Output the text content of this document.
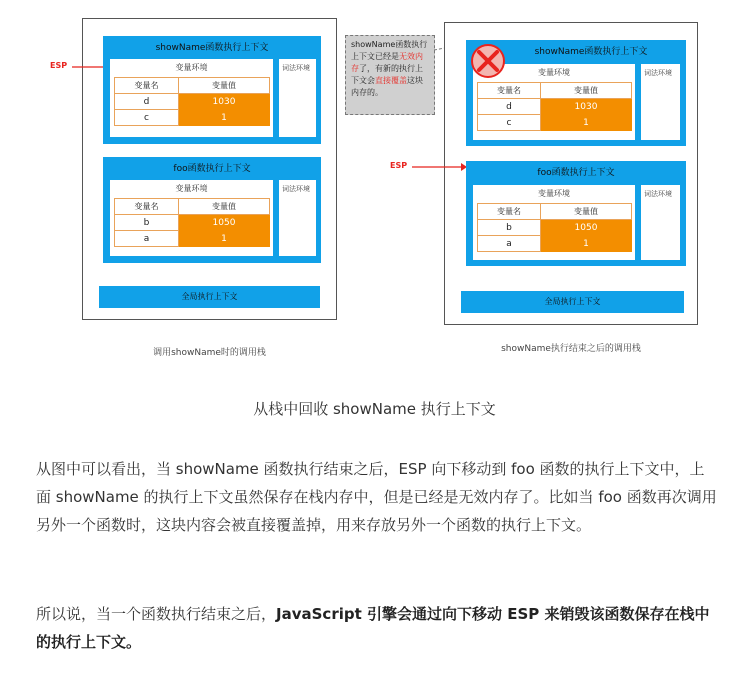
ESP
showName函数执行上下文
变量环境
变量名	变量值
d	1030
c	1
词法环境
foo函数执行上下文
变量环境
变量名	变量值
b	1050
a	1
词法环境
全局执行上下文
调用showName时的调用栈
showName函数执行上下文已经是无效内存了，有新的执行上下文会直接覆盖这块内存的。
showName函数执行上下文
变量环境
变量名	变量值
d	1030
c	1
词法环境
ESP
foo函数执行上下文
变量环境
变量名	变量值
b	1050
a	1
词法环境
全局执行上下文
showName执行结束之后的调用栈
从栈中回收 showName 执行上下文
从图中可以看出，当 showName 函数执行结束之后，ESP 向下移动到 foo 函数的执行上下文中，上面 showName 的执行上下文虽然保存在栈内存中，但是已经是无效内存了。比如当 foo 函数再次调用另外一个函数时，这块内容会被直接覆盖掉，用来存放另外一个函数的执行上下文。
所以说，当一个函数执行结束之后，JavaScript 引擎会通过向下移动 ESP 来销毁该函数保存在栈中的执行上下文。
